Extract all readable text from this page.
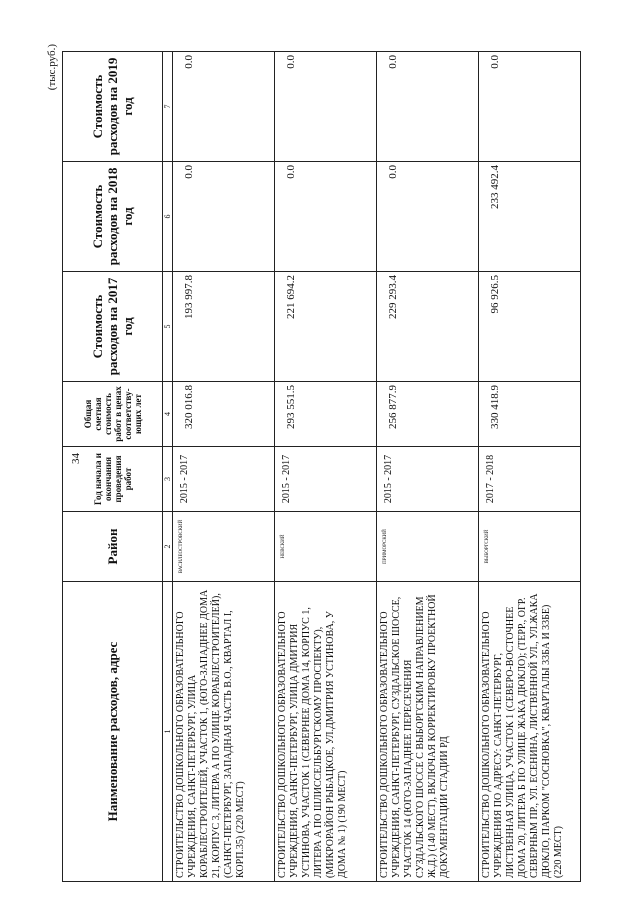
34
(тыс.руб.)
Наименование расходов, адрес	Район	Год начала и окончания проведения работ	Общая сметная стоимость работ в ценах соответству-ющих лет	Стоимость расходов на 2017 год	Стоимость расходов на 2018 год	Стоимость расходов на 2019 год
1	2	3	4	5	6	7
СТРОИТЕЛЬСТВО ДОШКОЛЬНОГО ОБРАЗОВАТЕЛЬНОГО УЧРЕЖДЕНИЯ, САНКТ-ПЕТЕРБУРГ, УЛИЦА КОРАБЛЕСТРОИТЕЛЕЙ, УЧАСТОК 1, (ЮГО-ЗАПАДНЕЕ ДОМА 21, КОРПУС 3, ЛИТЕРА А ПО УЛИЦЕ КОРАБЛЕСТРОИТЕЛЕЙ), (САНКТ-ПЕТЕРБУРГ, ЗАПАДНАЯ ЧАСТЬ В.О., КВАРТАЛ I, КОРП.35) (220 МЕСТ)	ВАСИЛЕОСТРОВСКИЙ	2015 - 2017	320 016.8	193 997.8	0.0	0.0
СТРОИТЕЛЬСТВО ДОШКОЛЬНОГО ОБРАЗОВАТЕЛЬНОГО УЧРЕЖДЕНИЯ, САНКТ-ПЕТЕРБУРГ, УЛИЦА ДМИТРИЯ УСТИНОВА, УЧАСТОК 1 (СЕВЕРНЕЕ ДОМА 14, КОРПУС 1, ЛИТЕРА А ПО ШЛИССЕЛЬБУРГСКОМУ ПРОСПЕКТУ), (МИКРОРАЙОН РЫБАЦКОЕ, УЛ.ДМИТРИЯ УСТИНОВА, У ДОМА № 1) (190 МЕСТ)	НЕВСКИЙ	2015 - 2017	293 551.5	221 694.2	0.0	0.0
СТРОИТЕЛЬСТВО ДОШКОЛЬНОГО ОБРАЗОВАТЕЛЬНОГО УЧРЕЖДЕНИЯ, САНКТ-ПЕТЕРБУРГ, СУЗДАЛЬСКОЕ ШОССЕ, УЧАСТОК 14 (ЮГО-ЗАПАДНЕЕ ПЕРЕСЕЧЕНИЯ СУЗДАЛЬСКОГО ШОССЕ С ВЫБОРГСКИМ НАПРАВЛЕНИЕМ Ж.Д.) (140 МЕСТ), ВКЛЮЧАЯ КОРРЕКТИРОВКУ ПРОЕКТНОЙ ДОКУМЕНТАЦИИ СТАДИИ РД	ПРИМОРСКИЙ	2015 - 2017	256 877.9	229 293.4	0.0	0.0
СТРОИТЕЛЬСТВО ДОШКОЛЬНОГО ОБРАЗОВАТЕЛЬНОГО УЧРЕЖДЕНИЯ ПО АДРЕСУ: САНКТ-ПЕТЕРБУРГ, ЛИСТВЕННАЯ УЛИЦА, УЧАСТОК 1 (СЕВЕРО-ВОСТОЧНЕЕ ДОМА 20, ЛИТЕРА Б ПО УЛИЦЕ ЖАКА ДЮКЛО); (ТЕРР., ОГР. СЕВЕРНЫМ ПР., УЛ. ЕСЕНИНА, ЛИСТВЕННОЙ УЛ., УЛ.ЖАКА ДЮКЛО, ПАРКОМ "СОСНОВКА", КВАРТАЛЫ 33БА И 33БЕ) (220 МЕСТ)	ВЫБОРГСКИЙ	2017 - 2018	330 418.9	96 926.5	233 492.4	0.0
